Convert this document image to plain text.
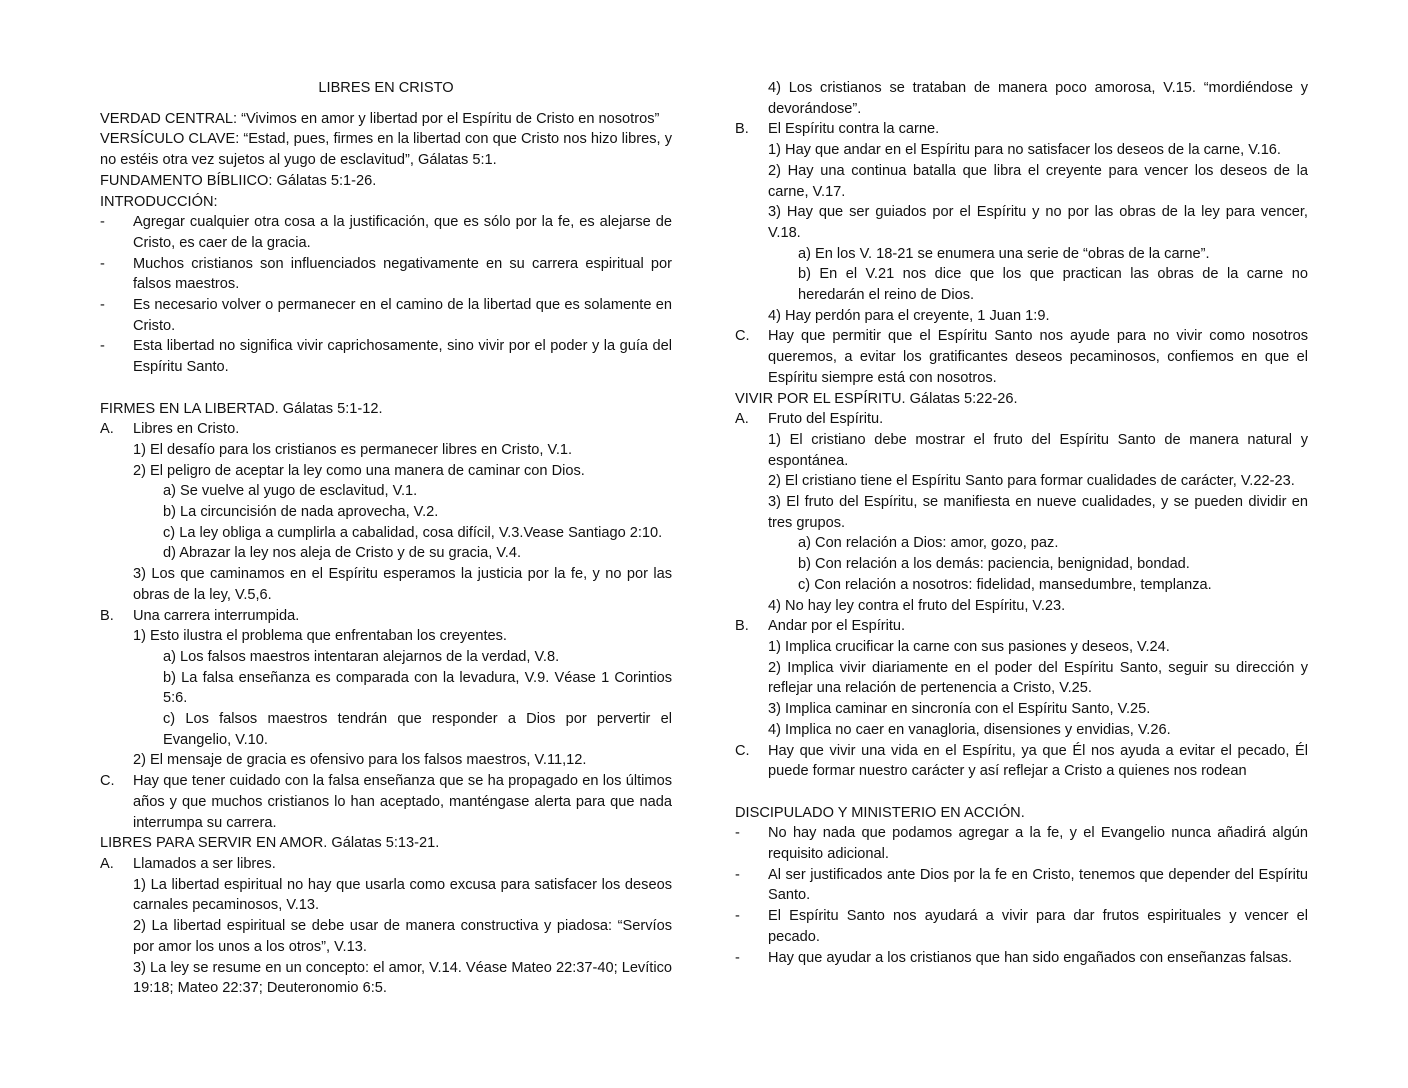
LIBRES EN CRISTO

VERDAD CENTRAL: “Vivimos en amor y libertad por el Espíritu de Cristo en nosotros”

VERSÍCULO CLAVE: “Estad, pues, firmes en la libertad con que Cristo nos hizo libres, y no estéis otra vez sujetos al yugo de esclavitud”, Gálatas 5:1.

FUNDAMENTO BÍBLIICO: Gálatas 5:1-26.

INTRODUCCIÓN:

- Agregar cualquier otra cosa a la justificación, que es sólo por la fe, es alejarse de Cristo, es caer de la gracia.
- Muchos cristianos son influenciados negativamente en su carrera espiritual por falsos maestros.
- Es necesario volver o permanecer en el camino de la libertad que es solamente en Cristo.
- Esta libertad no significa vivir caprichosamente, sino vivir por el poder y la guía del Espíritu Santo.

FIRMES EN LA LIBERTAD. Gálatas 5:1-12.

A. Libres en Cristo.

1) El desafío para los cristianos es permanecer libres en Cristo, V.1.

2) El peligro de aceptar la ley como una manera de caminar con Dios.

a) Se vuelve al yugo de esclavitud, V.1.

b) La circuncisión de nada aprovecha, V.2.

c) La ley obliga a cumplirla a cabalidad, cosa difícil, V.3.Vease Santiago 2:10.

d) Abrazar la ley nos aleja de Cristo y de su gracia, V.4.

3) Los que caminamos en el Espíritu esperamos la justicia por la fe, y no por las obras de la ley, V.5,6.

B. Una carrera interrumpida.

1) Esto ilustra el problema que enfrentaban los creyentes.

a) Los falsos maestros intentaran alejarnos de la verdad, V.8.

b) La falsa enseñanza es comparada con la levadura, V.9. Véase 1 Corintios 5:6.

c) Los falsos maestros tendrán que responder a Dios por pervertir el Evangelio, V.10.

2) El mensaje de gracia es ofensivo para los falsos maestros, V.11,12.

C. Hay que tener cuidado con la falsa enseñanza que se ha propagado en los últimos años y que muchos cristianos lo han aceptado, manténgase alerta para que nada interrumpa su carrera.

LIBRES PARA SERVIR EN AMOR. Gálatas 5:13-21.

A. Llamados a ser libres.

1) La libertad espiritual no hay que usarla como excusa para satisfacer los deseos carnales pecaminosos, V.13.

2) La libertad espiritual se debe usar de manera constructiva y piadosa: “Servíos por amor los unos a los otros”, V.13.

3) La ley se resume en un concepto: el amor, V.14. Véase Mateo 22:37-40; Levítico 19:18; Mateo 22:37; Deuteronomio 6:5.

4) Los cristianos se trataban de manera poco amorosa, V.15. “mordiéndose y devorándose”.

B. El Espíritu contra la carne.

1) Hay que andar en el Espíritu para no satisfacer los deseos de la carne, V.16.

2) Hay una continua batalla que libra el creyente para vencer los deseos de la carne, V.17.

3) Hay que ser guiados por el Espíritu y no por las obras de la ley para vencer, V.18.

a) En los V. 18-21 se enumera una serie de “obras de la carne”.

b) En el V.21 nos dice que los que practican las obras de la carne no heredarán el reino de Dios.

4) Hay perdón para el creyente, 1 Juan 1:9.

C. Hay que permitir que el Espíritu Santo nos ayude para no vivir como nosotros queremos, a evitar los gratificantes deseos pecaminosos, confiemos en que el Espíritu siempre está con nosotros.

VIVIR POR EL ESPÍRITU. Gálatas 5:22-26.

A. Fruto del Espíritu.

1) El cristiano debe mostrar el fruto del Espíritu Santo de manera natural y espontánea.

2) El cristiano tiene el Espíritu Santo para formar cualidades de carácter, V.22-23.

3) El fruto del Espíritu, se manifiesta en nueve cualidades, y se pueden dividir en tres grupos.

a) Con relación a Dios: amor, gozo, paz.

b) Con relación a los demás: paciencia, benignidad, bondad.

c) Con relación a nosotros: fidelidad, mansedumbre, templanza.

4) No hay ley contra el fruto del Espíritu, V.23.

B. Andar por el Espíritu.

1) Implica crucificar la carne con sus pasiones y deseos, V.24.

2) Implica vivir diariamente en el poder del Espíritu Santo, seguir su dirección y reflejar una relación de pertenencia a Cristo, V.25.

3) Implica caminar en sincronía con el Espíritu Santo, V.25.

4) Implica no caer en vanagloria, disensiones y envidias, V.26.

C. Hay que vivir una vida en el Espíritu, ya que Él nos ayuda a evitar el pecado, Él puede formar nuestro carácter y así reflejar a Cristo a quienes nos rodean

DISCIPULADO Y MINISTERIO EN ACCIÓN.

- No hay nada que podamos agregar a la fe, y el Evangelio nunca añadirá algún requisito adicional.
- Al ser justificados ante Dios por la fe en Cristo, tenemos que depender del Espíritu Santo.
- El Espíritu Santo nos ayudará a vivir para dar frutos espirituales y vencer el pecado.
- Hay que ayudar a los cristianos que han sido engañados con enseñanzas falsas.
